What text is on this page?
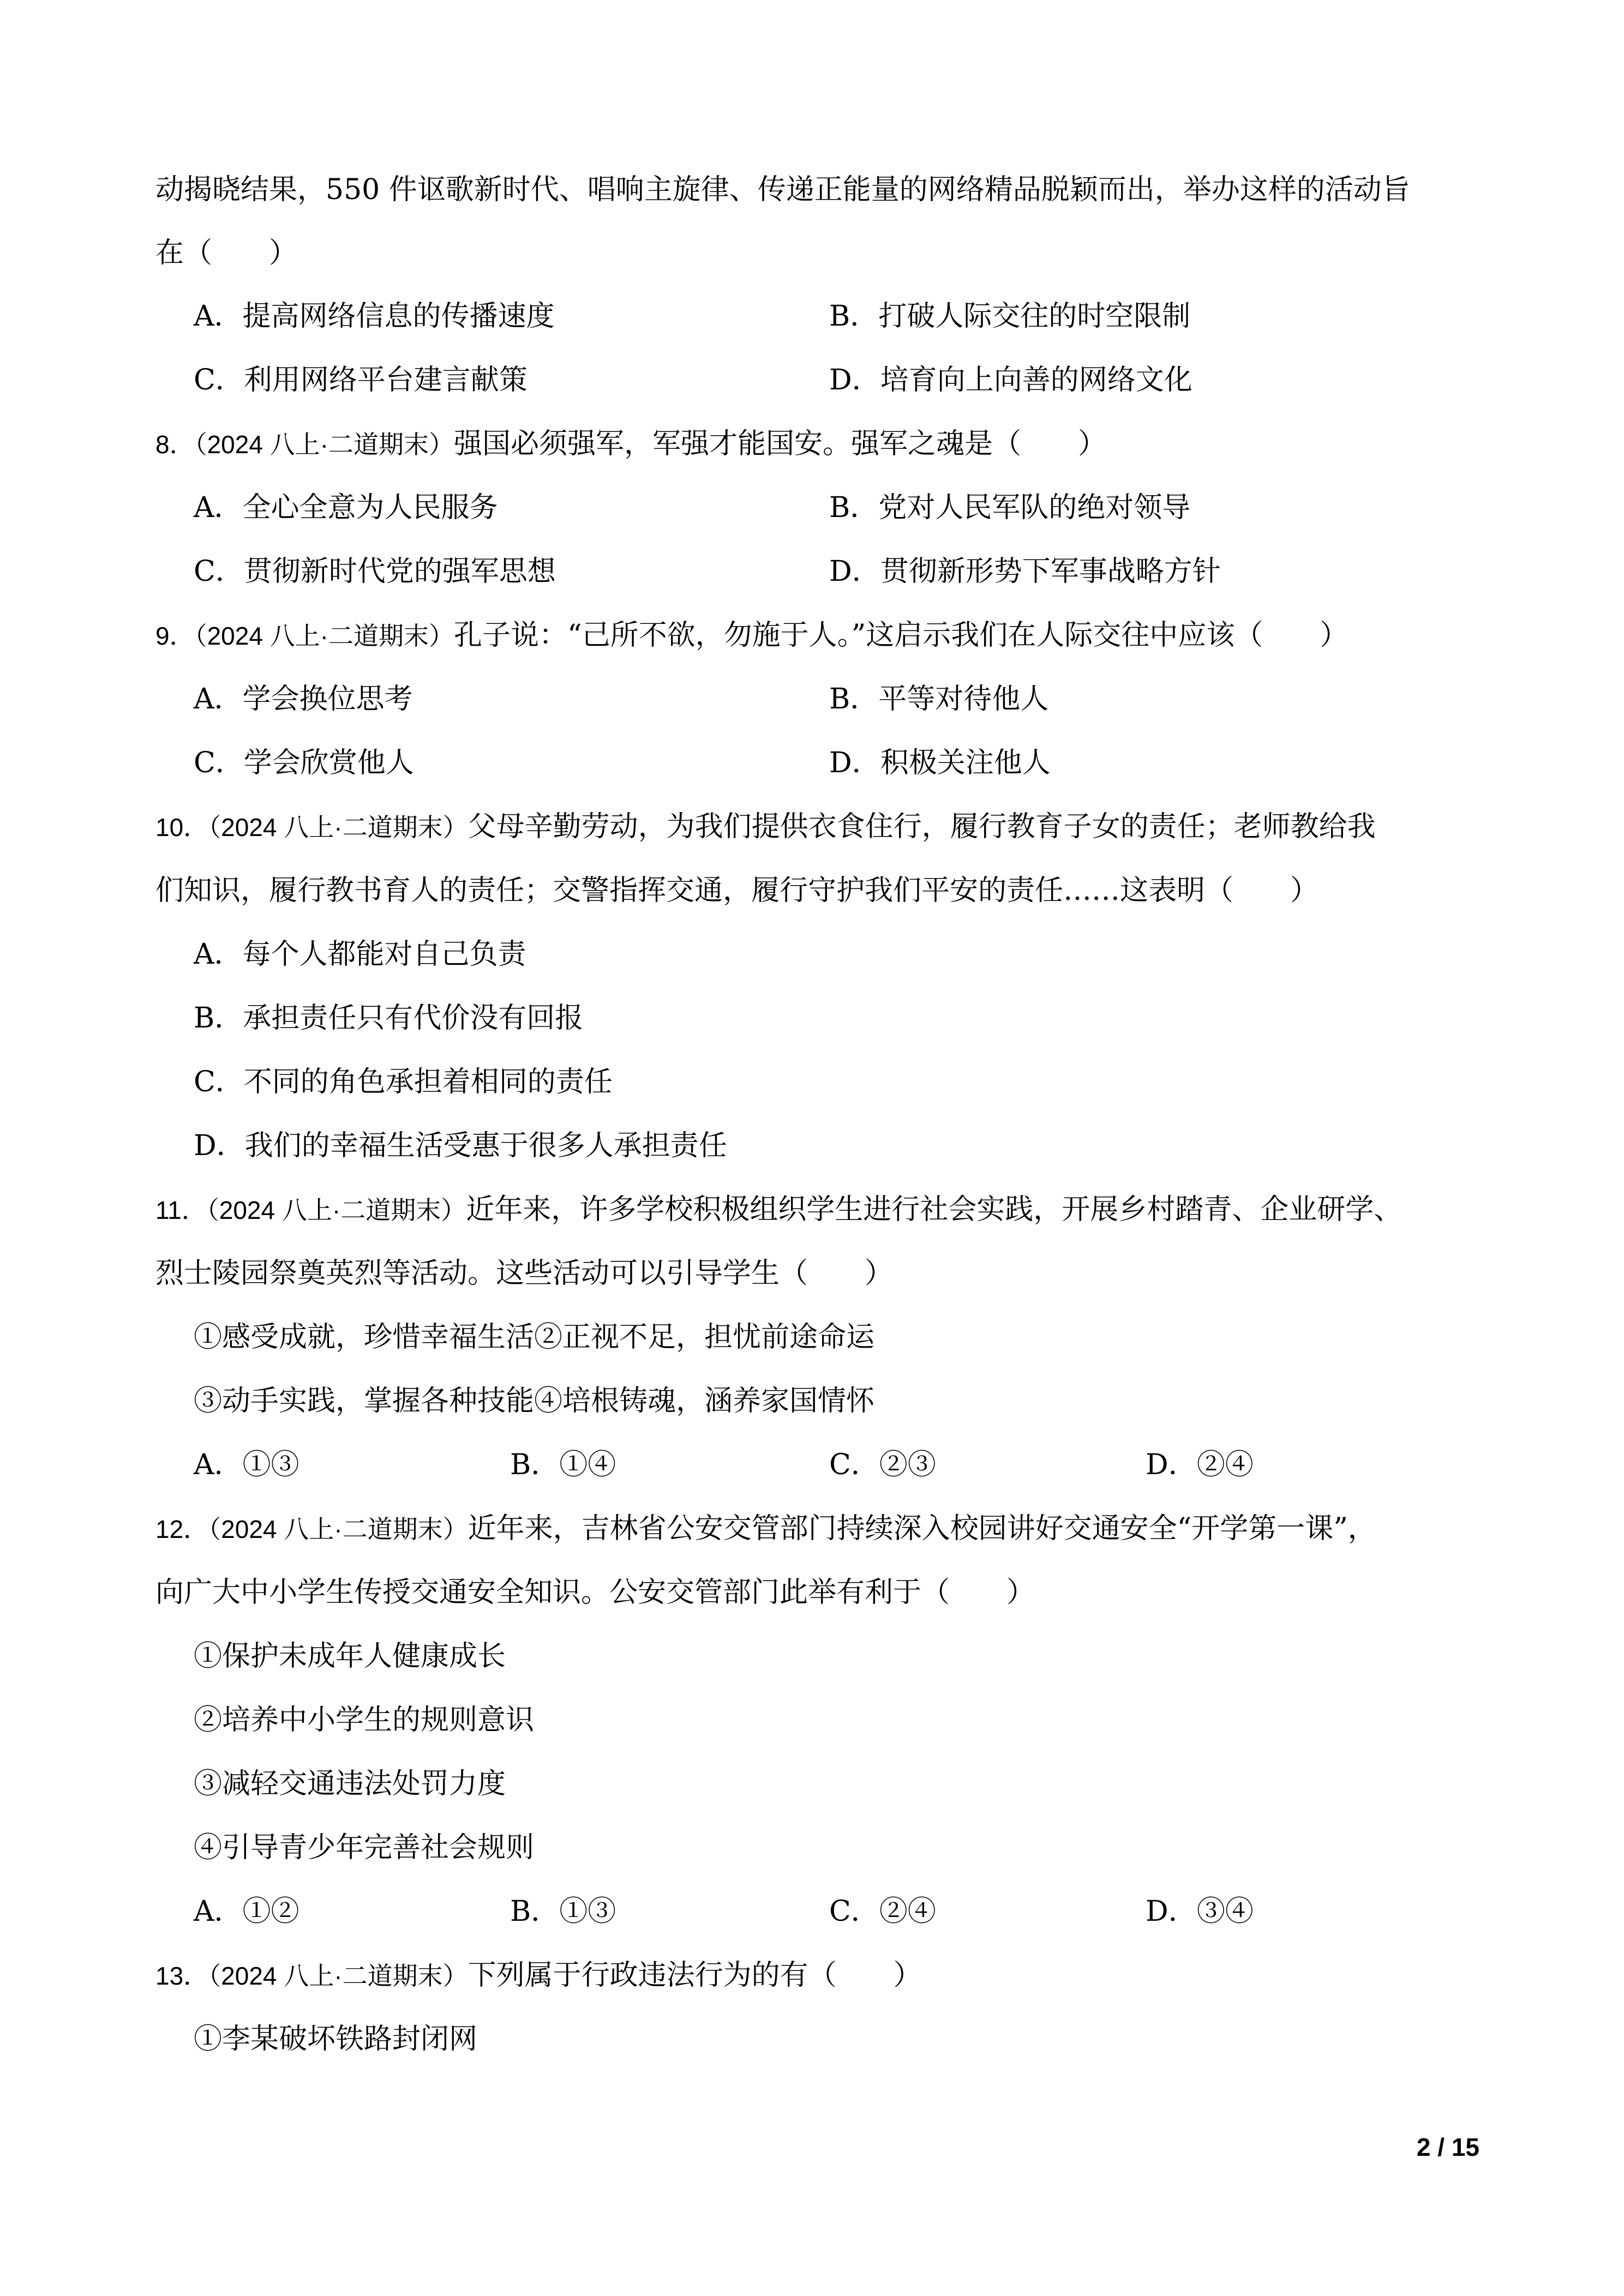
动揭晓结果，550 件讴歌新时代、唱响主旋律、传递正能量的网络精品脱颖而出，举办这样的活动旨
在（　　）
A．提高网络信息的传播速度	B．打破人际交往的时空限制
C．利用网络平台建言献策	D．培育向上向善的网络文化
8．（2024 八上·二道期末）强国必须强军，军强才能国安。强军之魂是（　　）
A．全心全意为人民服务	B．党对人民军队的绝对领导
C．贯彻新时代党的强军思想	D．贯彻新形势下军事战略方针
9．（2024 八上·二道期末）孔子说：“己所不欲，勿施于人。”这启示我们在人际交往中应该（　　）
A．学会换位思考	B．平等对待他人
C．学会欣赏他人	D．积极关注他人
10．（2024 八上·二道期末）父母辛勤劳动，为我们提供衣食住行，履行教育子女的责任；老师教给我
们知识，履行教书育人的责任；交警指挥交通，履行守护我们平安的责任……这表明（　　）
A．每个人都能对自己负责
B．承担责任只有代价没有回报
C．不同的角色承担着相同的责任
D．我们的幸福生活受惠于很多人承担责任
11．（2024 八上·二道期末）近年来，许多学校积极组织学生进行社会实践，开展乡村踏青、企业研学、
烈士陵园祭奠英烈等活动。这些活动可以引导学生（　　）
①感受成就，珍惜幸福生活②正视不足，担忧前途命运
③动手实践，掌握各种技能④培根铸魂，涵养家国情怀
A．①③	B．①④	C．②③	D．②④
12．（2024 八上·二道期末）近年来，吉林省公安交管部门持续深入校园讲好交通安全“开学第一课”，
向广大中小学生传授交通安全知识。公安交管部门此举有利于（　　）
①保护未成年人健康成长
②培养中小学生的规则意识
③减轻交通违法处罚力度
④引导青少年完善社会规则
A．①②	B．①③	C．②④	D．③④
13．（2024 八上·二道期末）下列属于行政违法行为的有（　　）
①李某破坏铁路封闭网
2 / 15
